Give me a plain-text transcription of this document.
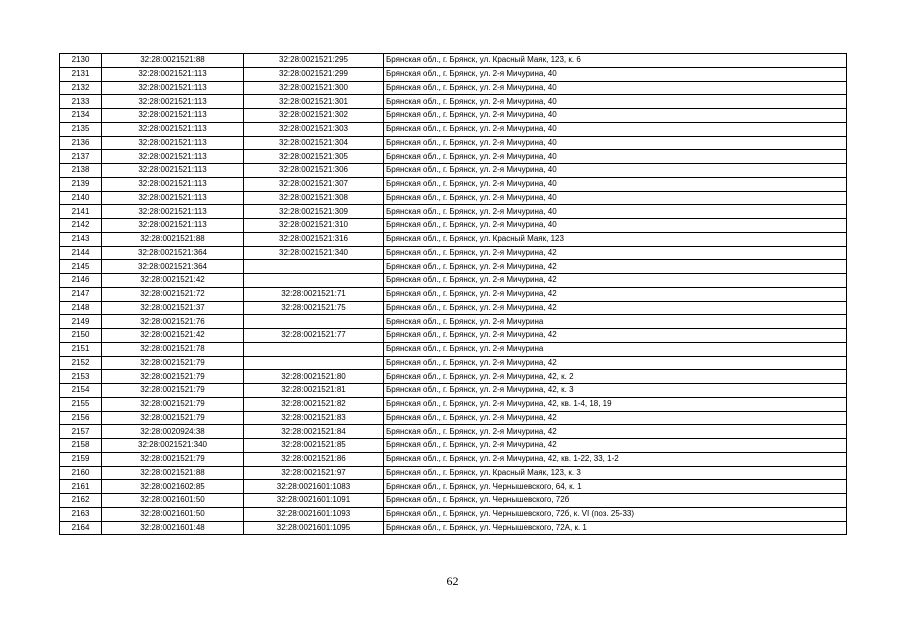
2130	32:28:0021521:88	32:28:0021521:295	Брянская обл., г. Брянск, ул. Красный Маяк, 123, к. 6
2131	32:28:0021521:113	32:28:0021521:299	Брянская обл., г. Брянск, ул. 2-я Мичурина, 40
2132	32:28:0021521:113	32:28:0021521:300	Брянская обл., г. Брянск, ул. 2-я Мичурина, 40
2133	32:28:0021521:113	32:28:0021521:301	Брянская обл., г. Брянск, ул. 2-я Мичурина, 40
2134	32:28:0021521:113	32:28:0021521:302	Брянская обл., г. Брянск, ул. 2-я Мичурина, 40
2135	32:28:0021521:113	32:28:0021521:303	Брянская обл., г. Брянск, ул. 2-я Мичурина, 40
2136	32:28:0021521:113	32:28:0021521:304	Брянская обл., г. Брянск, ул. 2-я Мичурина, 40
2137	32:28:0021521:113	32:28:0021521:305	Брянская обл., г. Брянск, ул. 2-я Мичурина, 40
2138	32:28:0021521:113	32:28:0021521:306	Брянская обл., г. Брянск, ул. 2-я Мичурина, 40
2139	32:28:0021521:113	32:28:0021521:307	Брянская обл., г. Брянск, ул. 2-я Мичурина, 40
2140	32:28:0021521:113	32:28:0021521:308	Брянская обл., г. Брянск, ул. 2-я Мичурина, 40
2141	32:28:0021521:113	32:28:0021521:309	Брянская обл., г. Брянск, ул. 2-я Мичурина, 40
2142	32:28:0021521:113	32:28:0021521:310	Брянская обл., г. Брянск, ул. 2-я Мичурина, 40
2143	32:28:0021521:88	32:28:0021521:316	Брянская обл., г. Брянск, ул. Красный Маяк, 123
2144	32:28:0021521:364	32:28:0021521:340	Брянская обл., г. Брянск, ул. 2-я Мичурина, 42
2145	32:28:0021521:364		Брянская обл., г. Брянск, ул. 2-я Мичурина, 42
2146	32:28:0021521:42		Брянская обл., г. Брянск, ул. 2-я Мичурина, 42
2147	32:28:0021521:72	32:28:0021521:71	Брянская обл., г. Брянск, ул. 2-я Мичурина, 42
2148	32:28:0021521:37	32:28:0021521:75	Брянская обл., г. Брянск, ул. 2-я Мичурина, 42
2149	32:28:0021521:76		Брянская обл., г. Брянск, ул. 2-я Мичурина
2150	32:28:0021521:42	32:28:0021521:77	Брянская обл., г. Брянск, ул. 2-я Мичурина, 42
2151	32:28:0021521:78		Брянская обл., г. Брянск, ул. 2-я Мичурина
2152	32:28:0021521:79		Брянская обл., г. Брянск, ул. 2-я Мичурина, 42
2153	32:28:0021521:79	32:28:0021521:80	Брянская обл., г. Брянск, ул. 2-я Мичурина, 42, к. 2
2154	32:28:0021521:79	32:28:0021521:81	Брянская обл., г. Брянск, ул. 2-я Мичурина, 42, к. 3
2155	32:28:0021521:79	32:28:0021521:82	Брянская обл., г. Брянск, ул. 2-я Мичурина, 42, кв. 1-4, 18, 19
2156	32:28:0021521:79	32:28:0021521:83	Брянская обл., г. Брянск, ул. 2-я Мичурина, 42
2157	32:28:0020924:38	32:28:0021521:84	Брянская обл., г. Брянск, ул. 2-я Мичурина, 42
2158	32:28:0021521:340	32:28:0021521:85	Брянская обл., г. Брянск, ул. 2-я Мичурина, 42
2159	32:28:0021521:79	32:28:0021521:86	Брянская обл., г. Брянск, ул. 2-я Мичурина, 42, кв. 1-22, 33, 1-2
2160	32:28:0021521:88	32:28:0021521:97	Брянская обл., г. Брянск, ул. Красный Маяк, 123, к. 3
2161	32:28:0021602:85	32:28:0021601:1083	Брянская обл., г. Брянск, ул. Чернышевского, 64, к. 1
2162	32:28:0021601:50	32:28:0021601:1091	Брянская обл., г. Брянск, ул. Чернышевского, 72б
2163	32:28:0021601:50	32:28:0021601:1093	Брянская обл., г. Брянск, ул. Чернышевского, 72б, к. VI (поз. 25-33)
2164	32:28:0021601:48	32:28:0021601:1095	Брянская обл., г. Брянск, ул. Чернышевского, 72А, к. 1
62
